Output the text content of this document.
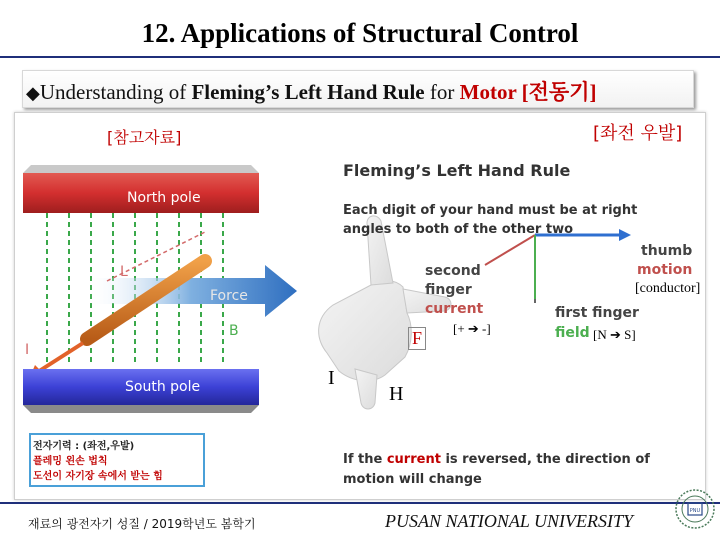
12. Applications of Structural Control
◆Understanding of Fleming’s Left Hand Rule for Motor [전동기]
[참고자료]	[좌전 우발]
Fleming’s Left Hand Rule
Each digit of your hand must be at right angles to both of the other two
thumb
motion
[conductor]
second
finger
current
[+ ➔ -]
first finger
field [N ➔ S]
F
I
H
North pole
South pole
Force
L
B
I
전자기력 : (좌전,우발)
플레밍 왼손 법칙
도선이 자기장 속에서 받는 힘
If the current is reversed, the direction of motion will change
재료의 광전자기 성질 / 2019학년도 봄학기	PUSAN NATIONAL UNIVERSITY	PNU
